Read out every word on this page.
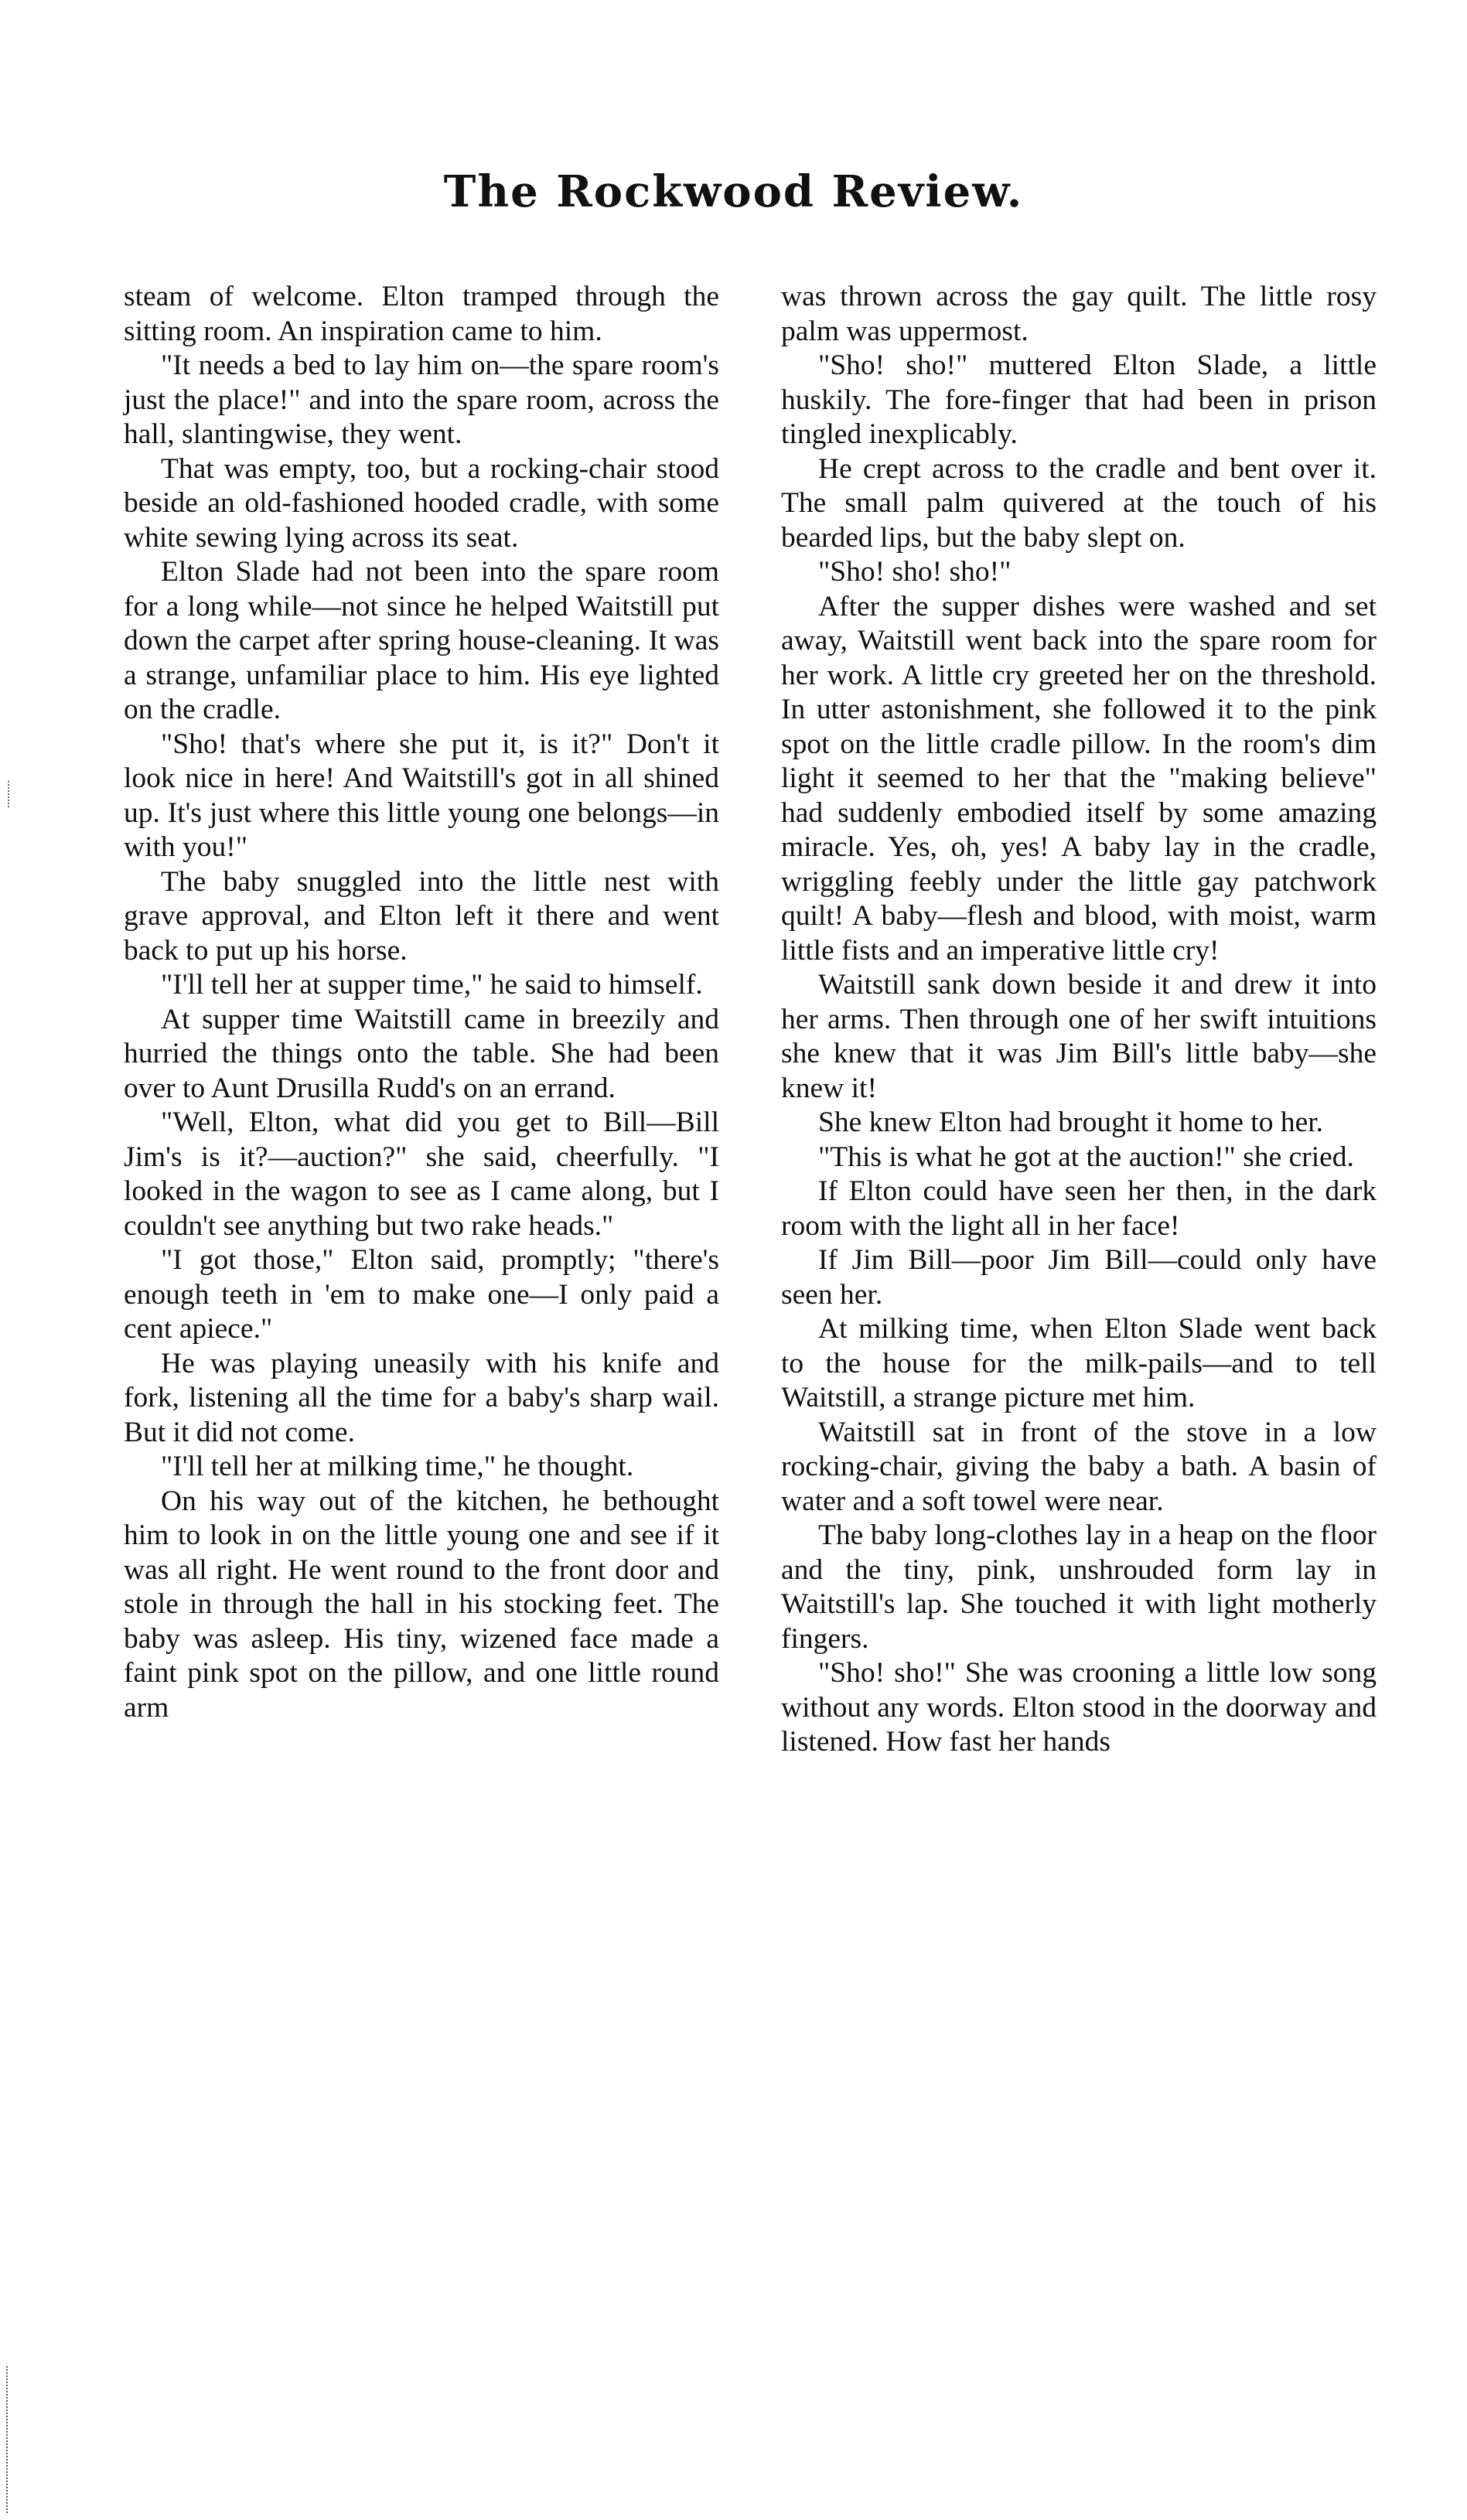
The Rockwood Review.

steam of welcome. Elton tramped through the sitting room. An inspiration came to him.

"It needs a bed to lay him on—the spare room's just the place!" and into the spare room, across the hall, slantingwise, they went.

That was empty, too, but a rocking-chair stood beside an old-fashioned hooded cradle, with some white sewing lying across its seat.

Elton Slade had not been into the spare room for a long while—not since he helped Waitstill put down the carpet after spring house-cleaning. It was a strange, unfamiliar place to him. His eye lighted on the cradle.

"Sho! that's where she put it, is it?" Don't it look nice in here! And Waitstill's got in all shined up. It's just where this little young one belongs—in with you!"

The baby snuggled into the little nest with grave approval, and Elton left it there and went back to put up his horse.

"I'll tell her at supper time," he said to himself.

At supper time Waitstill came in breezily and hurried the things onto the table. She had been over to Aunt Drusilla Rudd's on an errand.

"Well, Elton, what did you get to Bill—Bill Jim's is it?—auction?" she said, cheerfully. "I looked in the wagon to see as I came along, but I couldn't see anything but two rake heads."

"I got those," Elton said, promptly; "there's enough teeth in 'em to make one—I only paid a cent apiece."

He was playing uneasily with his knife and fork, listening all the time for a baby's sharp wail. But it did not come.

"I'll tell her at milking time," he thought.

On his way out of the kitchen, he bethought him to look in on the little young one and see if it was all right. He went round to the front door and stole in through the hall in his stocking feet. The baby was asleep. His tiny, wizened face made a faint pink spot on the pillow, and one little round arm

was thrown across the gay quilt. The little rosy palm was uppermost.

"Sho! sho!" muttered Elton Slade, a little huskily. The fore-finger that had been in prison tingled inexplicably.

He crept across to the cradle and bent over it. The small palm quivered at the touch of his bearded lips, but the baby slept on.

"Sho! sho! sho!"

After the supper dishes were washed and set away, Waitstill went back into the spare room for her work. A little cry greeted her on the threshold. In utter astonishment, she followed it to the pink spot on the little cradle pillow. In the room's dim light it seemed to her that the "making believe" had suddenly embodied itself by some amazing miracle. Yes, oh, yes! A baby lay in the cradle, wriggling feebly under the little gay patchwork quilt! A baby—flesh and blood, with moist, warm little fists and an imperative little cry!

Waitstill sank down beside it and drew it into her arms. Then through one of her swift intuitions she knew that it was Jim Bill's little baby—she knew it!

She knew Elton had brought it home to her.

"This is what he got at the auction!" she cried.

If Elton could have seen her then, in the dark room with the light all in her face!

If Jim Bill—poor Jim Bill—could only have seen her.

At milking time, when Elton Slade went back to the house for the milk-pails—and to tell Waitstill, a strange picture met him.

Waitstill sat in front of the stove in a low rocking-chair, giving the baby a bath. A basin of water and a soft towel were near.

The baby long-clothes lay in a heap on the floor and the tiny, pink, unshrouded form lay in Waitstill's lap. She touched it with light motherly fingers.

"Sho! sho!" She was crooning a little low song without any words. Elton stood in the doorway and listened. How fast her hands
